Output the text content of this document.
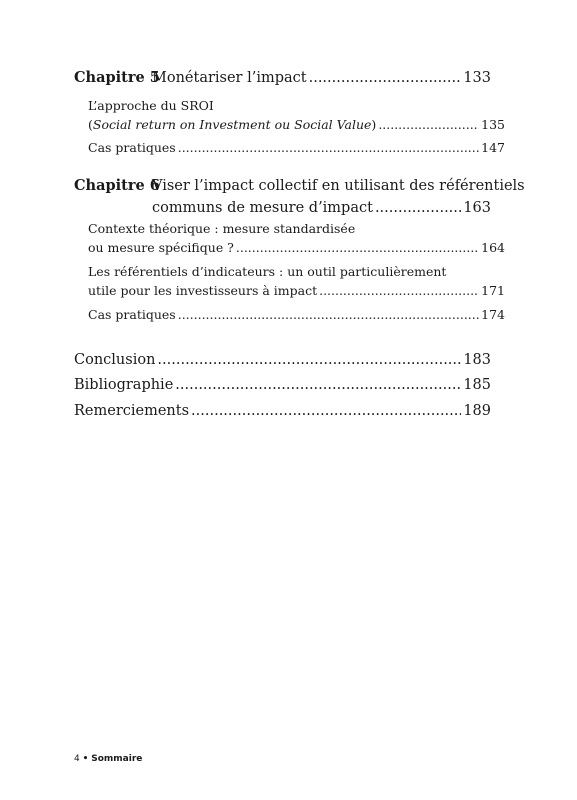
Chapitre 5
Monétariser l’impact .....	133
L’approche du SROI
(Social return on Investment ou Social Value) .....	135
Cas pratiques .....	147
Chapitre 6
Viser l’impact collectif en utilisant des référentiels
communs de mesure d’impact .....	163
Contexte théorique : mesure standardisée
ou mesure spécifique ? .....	164
Les référentiels d’indicateurs : un outil particulièrement
utile pour les investisseurs à impact .....	171
Cas pratiques .....	174
Conclusion .....	183
Bibliographie .....	185
Remerciements .....	189
4 • Sommaire
